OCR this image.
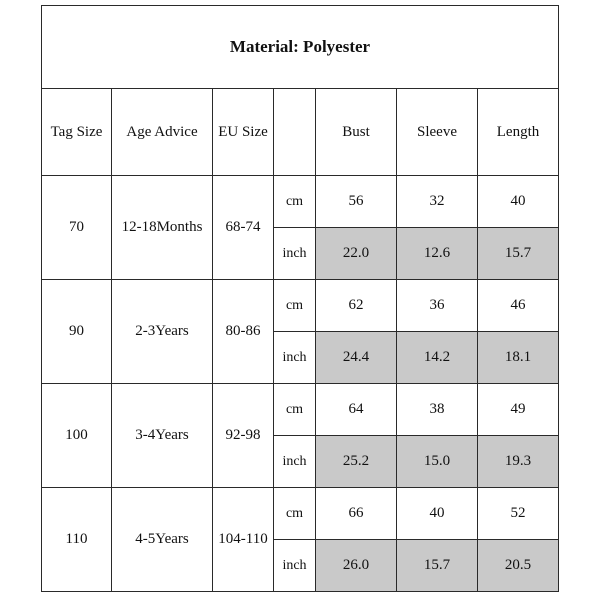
Material: Polyester						
Tag Size	Age Advice	EU Size		Bust	Sleeve	Length
70	12-18Months	68-74	cm	56	32	40
			inch	22.0	12.6	15.7
90	2-3Years	80-86	cm	62	36	46
			inch	24.4	14.2	18.1
100	3-4Years	92-98	cm	64	38	49
			inch	25.2	15.0	19.3
110	4-5Years	104-110	cm	66	40	52
			inch	26.0	15.7	20.5
